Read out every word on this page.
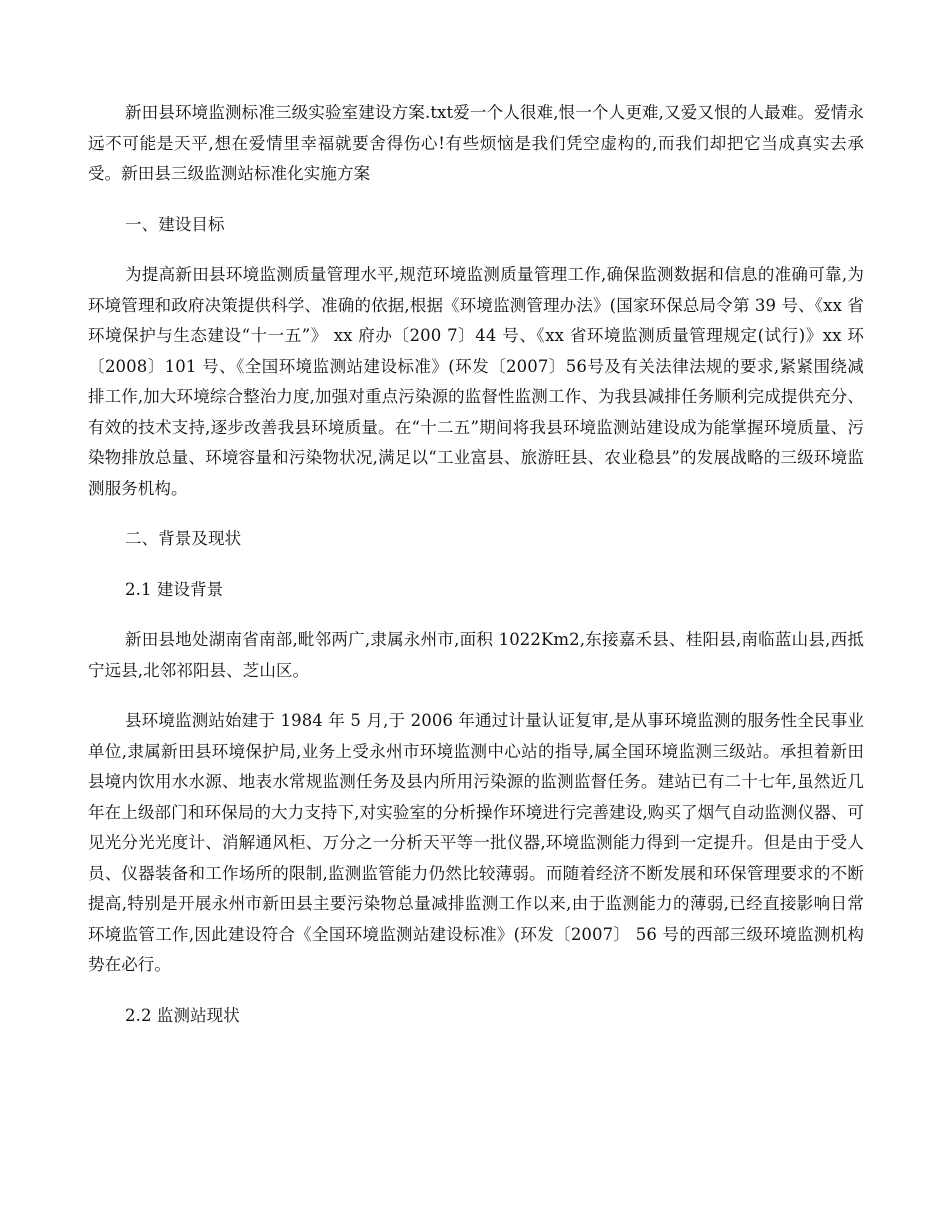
新田县环境监测标准三级实验室建设方案.txt爱一个人很难,恨一个人更难,又爱又恨的人最难。爱情永远不可能是天平,想在爱情里幸福就要舍得伤心!有些烦恼是我们凭空虚构的,而我们却把它当成真实去承受。新田县三级监测站标准化实施方案

一、建设目标

为提高新田县环境监测质量管理水平,规范环境监测质量管理工作,确保监测数据和信息的准确可靠,为环境管理和政府决策提供科学、准确的依据,根据《环境监测管理办法》(国家环保总局令第 39 号、《xx 省环境保护与生态建设“十一五”》 xx 府办〔200 7〕44 号、《xx 省环境监测质量管理规定(试行)》xx 环〔2008〕101 号、《全国环境监测站建设标准》(环发〔2007〕56号及有关法律法规的要求,紧紧围绕减排工作,加大环境综合整治力度,加强对重点污染源的监督性监测工作、为我县减排任务顺利完成提供充分、有效的技术支持,逐步改善我县环境质量。在“十二五”期间将我县环境监测站建设成为能掌握环境质量、污染物排放总量、环境容量和污染物状况,满足以“工业富县、旅游旺县、农业稳县”的发展战略的三级环境监测服务机构。

二、背景及现状

2.1 建设背景

新田县地处湖南省南部,毗邻两广,隶属永州市,面积 1022Km2,东接嘉禾县、桂阳县,南临蓝山县,西抵宁远县,北邻祁阳县、芝山区。

县环境监测站始建于 1984 年 5 月,于 2006 年通过计量认证复审,是从事环境监测的服务性全民事业单位,隶属新田县环境保护局,业务上受永州市环境监测中心站的指导,属全国环境监测三级站。承担着新田县境内饮用水水源、地表水常规监测任务及县内所用污染源的监测监督任务。建站已有二十七年,虽然近几年在上级部门和环保局的大力支持下,对实验室的分析操作环境进行完善建设,购买了烟气自动监测仪器、可见光分光光度计、消解通风柜、万分之一分析天平等一批仪器,环境监测能力得到一定提升。但是由于受人员、仪器装备和工作场所的限制,监测监管能力仍然比较薄弱。而随着经济不断发展和环保管理要求的不断提高,特别是开展永州市新田县主要污染物总量减排监测工作以来,由于监测能力的薄弱,已经直接影响日常环境监管工作,因此建设符合《全国环境监测站建设标准》(环发〔2007〕 56 号的西部三级环境监测机构势在必行。

2.2 监测站现状
